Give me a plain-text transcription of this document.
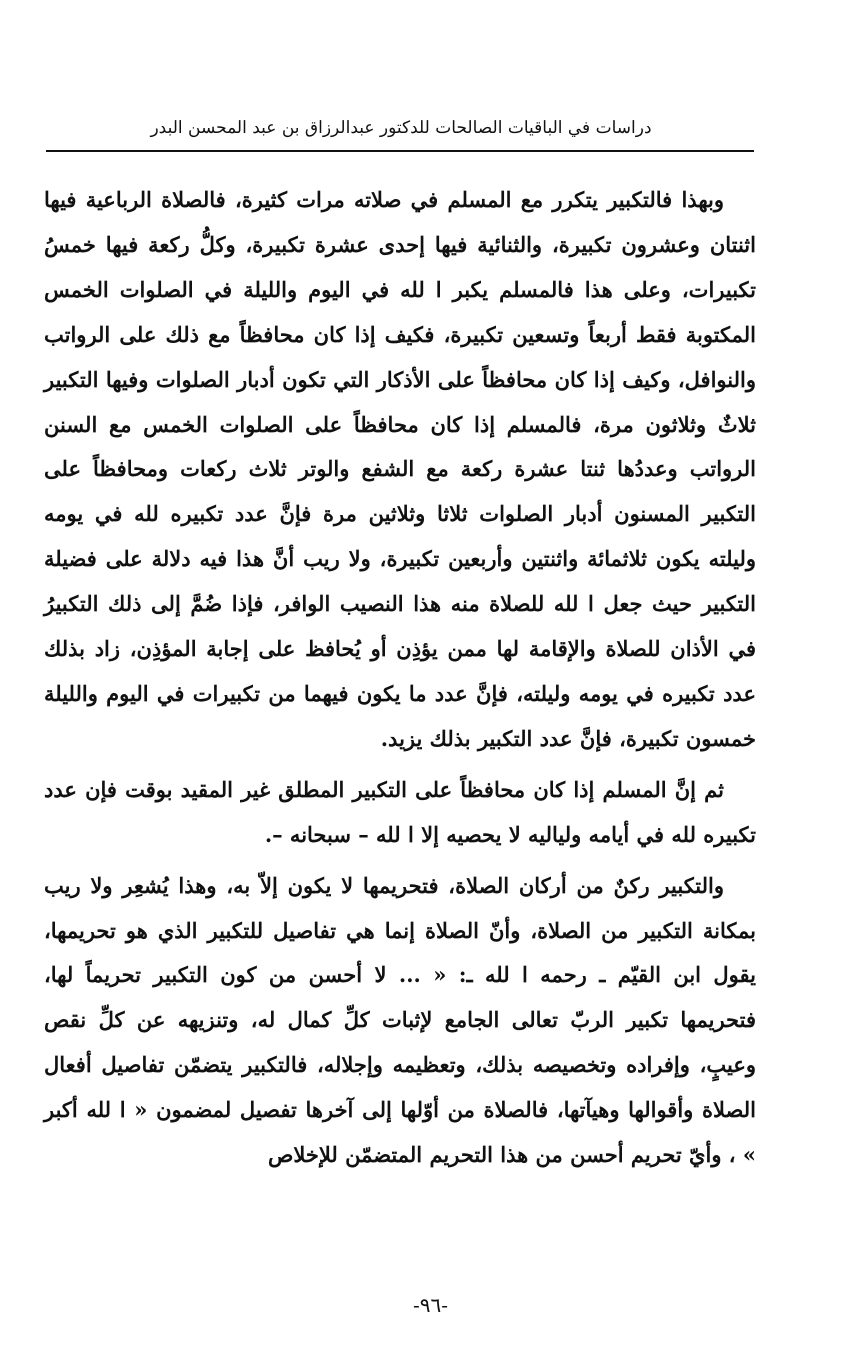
دراسات في الباقيات الصالحات للدكتور عبدالرزاق بن عبد المحسن البدر

وبهذا فالتكبير يتكرر مع المسلم في صلاته مرات كثيرة، فالصلاة الرباعية فيها اثنتان وعشرون تكبيرة، والثنائية فيها إحدى عشرة تكبيرة، وكلُّ ركعة فيها خمسُ تكبيرات، وعلى هذا فالمسلم يكبر ا لله في اليوم والليلة في الصلوات الخمس المكتوبة فقط أربعاً وتسعين تكبيرة، فكيف إذا كان محافظاً مع ذلك على الرواتب والنوافل، وكيف إذا كان محافظاً على الأذكار التي تكون أدبار الصلوات وفيها التكبير ثلاثٌ وثلاثون مرة، فالمسلم إذا كان محافظاً على الصلوات الخمس مع السنن الرواتب وعددُها ثنتا عشرة ركعة مع الشفع والوتر ثلاث ركعات ومحافظاً على التكبير المسنون أدبار الصلوات ثلاثا وثلاثين مرة فإنَّ عدد تكبيره لله في يومه وليلته يكون ثلاثمائة واثنتين وأربعين تكبيرة، ولا ريب أنَّ هذا فيه دلالة على فضيلة التكبير حيث جعل ا لله للصلاة منه هذا النصيب الوافر، فإذا ضُمَّ إلى ذلك التكبيرُ في الأذان للصلاة والإقامة لها ممن يؤذِن أو يُحافظ على إجابة المؤذِن، زاد بذلك عدد تكبيره في يومه وليلته، فإنَّ عدد ما يكون فيهما من تكبيرات في اليوم والليلة خمسون تكبيرة، فإنَّ عدد التكبير بذلك يزيد.

ثم إنَّ المسلم إذا كان محافظاً على التكبير المطلق غير المقيد بوقت فإن عدد تكبيره لله في أيامه ولياليه لا يحصيه إلا ا لله – سبحانه –.

والتكبير ركنٌ من أركان الصلاة، فتحريمها لا يكون إلاّ به، وهذا يُشعِر ولا ريب بمكانة التكبير من الصلاة، وأنّ الصلاة إنما هي تفاصيل للتكبير الذي هو تحريمها، يقول ابن القيّم ـ رحمه ا لله ـ: « ... لا أحسن من كون التكبير تحريماً لها، فتحريمها تكبير الربّ تعالى الجامع لإثبات كلِّ كمال له، وتنزيهه عن كلِّ نقص وعيبٍ، وإفراده وتخصيصه بذلك، وتعظيمه وإجلاله، فالتكبير يتضمّن تفاصيل أفعال الصلاة وأقوالها وهيآتها، فالصلاة من أوّلها إلى آخرها تفصيل لمضمون « ا لله أكبر » ، وأيّ تحريم أحسن من هذا التحريم المتضمّن للإخلاص

-٩٦-
